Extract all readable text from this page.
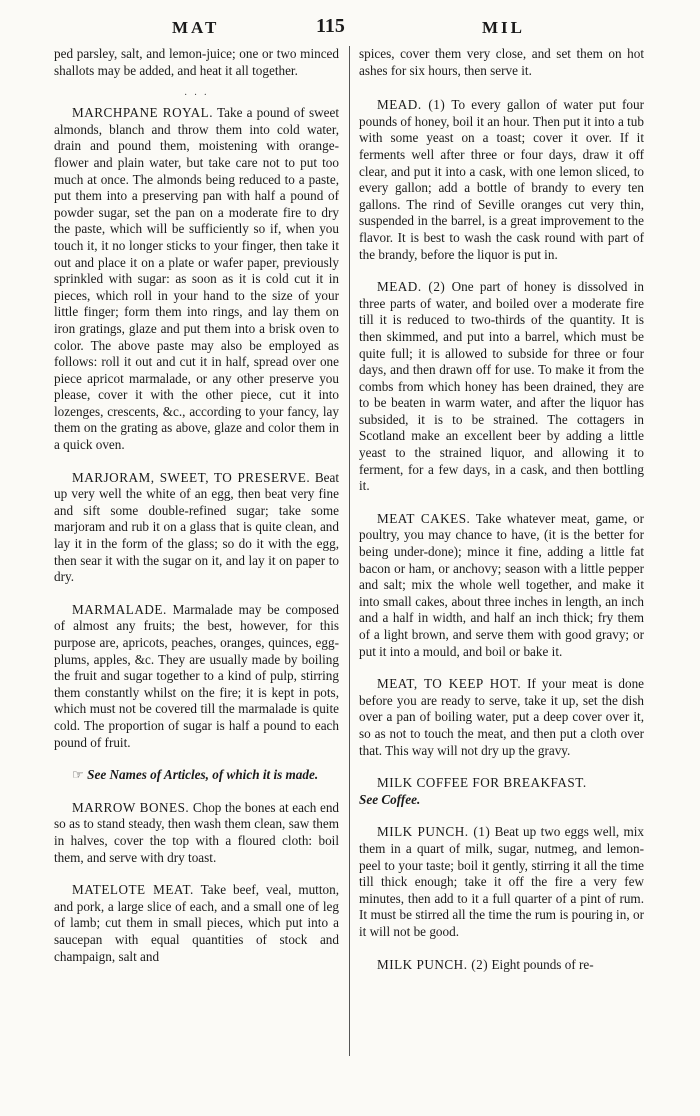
MAT	115	MIL

ped parsley, salt, and lemon-juice; one or two minced shallots may be added, and heat it all together.

· · ·

MARCHPANE ROYAL. Take a pound of sweet almonds, blanch and throw them into cold water, drain and pound them, moistening with orange-flower and plain water, but take care not to put too much at once. The almonds being reduced to a paste, put them into a preserving pan with half a pound of powder sugar, set the pan on a moderate fire to dry the paste, which will be sufficiently so if, when you touch it, it no longer sticks to your finger, then take it out and place it on a plate or wafer paper, previously sprinkled with sugar: as soon as it is cold cut it in pieces, which roll in your hand to the size of your little finger; form them into rings, and lay them on iron gratings, glaze and put them into a brisk oven to color. The above paste may also be employed as follows: roll it out and cut it in half, spread over one piece apricot marmalade, or any other preserve you please, cover it with the other piece, cut it into lozenges, crescents, &c., according to your fancy, lay them on the grating as above, glaze and color them in a quick oven.

MARJORAM, SWEET, TO PRESERVE. Beat up very well the white of an egg, then beat very fine and sift some double-refined sugar; take some marjoram and rub it on a glass that is quite clean, and lay it in the form of the glass; so do it with the egg, then sear it with the sugar on it, and lay it on paper to dry.

MARMALADE. Marmalade may be composed of almost any fruits; the best, however, for this purpose are, apricots, peaches, oranges, quinces, egg-plums, apples, &c. They are usually made by boiling the fruit and sugar together to a kind of pulp, stirring them constantly whilst on the fire; it is kept in pots, which must not be covered till the marmalade is quite cold. The proportion of sugar is half a pound to each pound of fruit.

☞ See Names of Articles, of which it is made.

MARROW BONES. Chop the bones at each end so as to stand steady, then wash them clean, saw them in halves, cover the top with a floured cloth: boil them, and serve with dry toast.

MATELOTE MEAT. Take beef, veal, mutton, and pork, a large slice of each, and a small one of leg of lamb; cut them in small pieces, which put into a saucepan with equal quantities of stock and champaign, salt and

spices, cover them very close, and set them on hot ashes for six hours, then serve it.

MEAD. (1) To every gallon of water put four pounds of honey, boil it an hour. Then put it into a tub with some yeast on a toast; cover it over. If it ferments well after three or four days, draw it off clear, and put it into a cask, with one lemon sliced, to every gallon; add a bottle of brandy to every ten gallons. The rind of Seville oranges cut very thin, suspended in the barrel, is a great improvement to the flavor. It is best to wash the cask round with part of the brandy, before the liquor is put in.

MEAD. (2) One part of honey is dissolved in three parts of water, and boiled over a moderate fire till it is reduced to two-thirds of the quantity. It is then skimmed, and put into a barrel, which must be quite full; it is allowed to subside for three or four days, and then drawn off for use. To make it from the combs from which honey has been drained, they are to be beaten in warm water, and after the liquor has subsided, it is to be strained. The cottagers in Scotland make an excellent beer by adding a little yeast to the strained liquor, and allowing it to ferment, for a few days, in a cask, and then bottling it.

MEAT CAKES. Take whatever meat, game, or poultry, you may chance to have, (it is the better for being under-done); mince it fine, adding a little fat bacon or ham, or anchovy; season with a little pepper and salt; mix the whole well together, and make it into small cakes, about three inches in length, an inch and a half in width, and half an inch thick; fry them of a light brown, and serve them with good gravy; or put it into a mould, and boil or bake it.

MEAT, TO KEEP HOT. If your meat is done before you are ready to serve, take it up, set the dish over a pan of boiling water, put a deep cover over it, so as not to touch the meat, and then put a cloth over that. This way will not dry up the gravy.

MILK COFFEE FOR BREAKFAST.
See Coffee.

MILK PUNCH. (1) Beat up two eggs well, mix them in a quart of milk, sugar, nutmeg, and lemon-peel to your taste; boil it gently, stirring it all the time till thick enough; take it off the fire a very few minutes, then add to it a full quarter of a pint of rum. It must be stirred all the time the rum is pouring in, or it will not be good.

MILK PUNCH. (2) Eight pounds of re-
